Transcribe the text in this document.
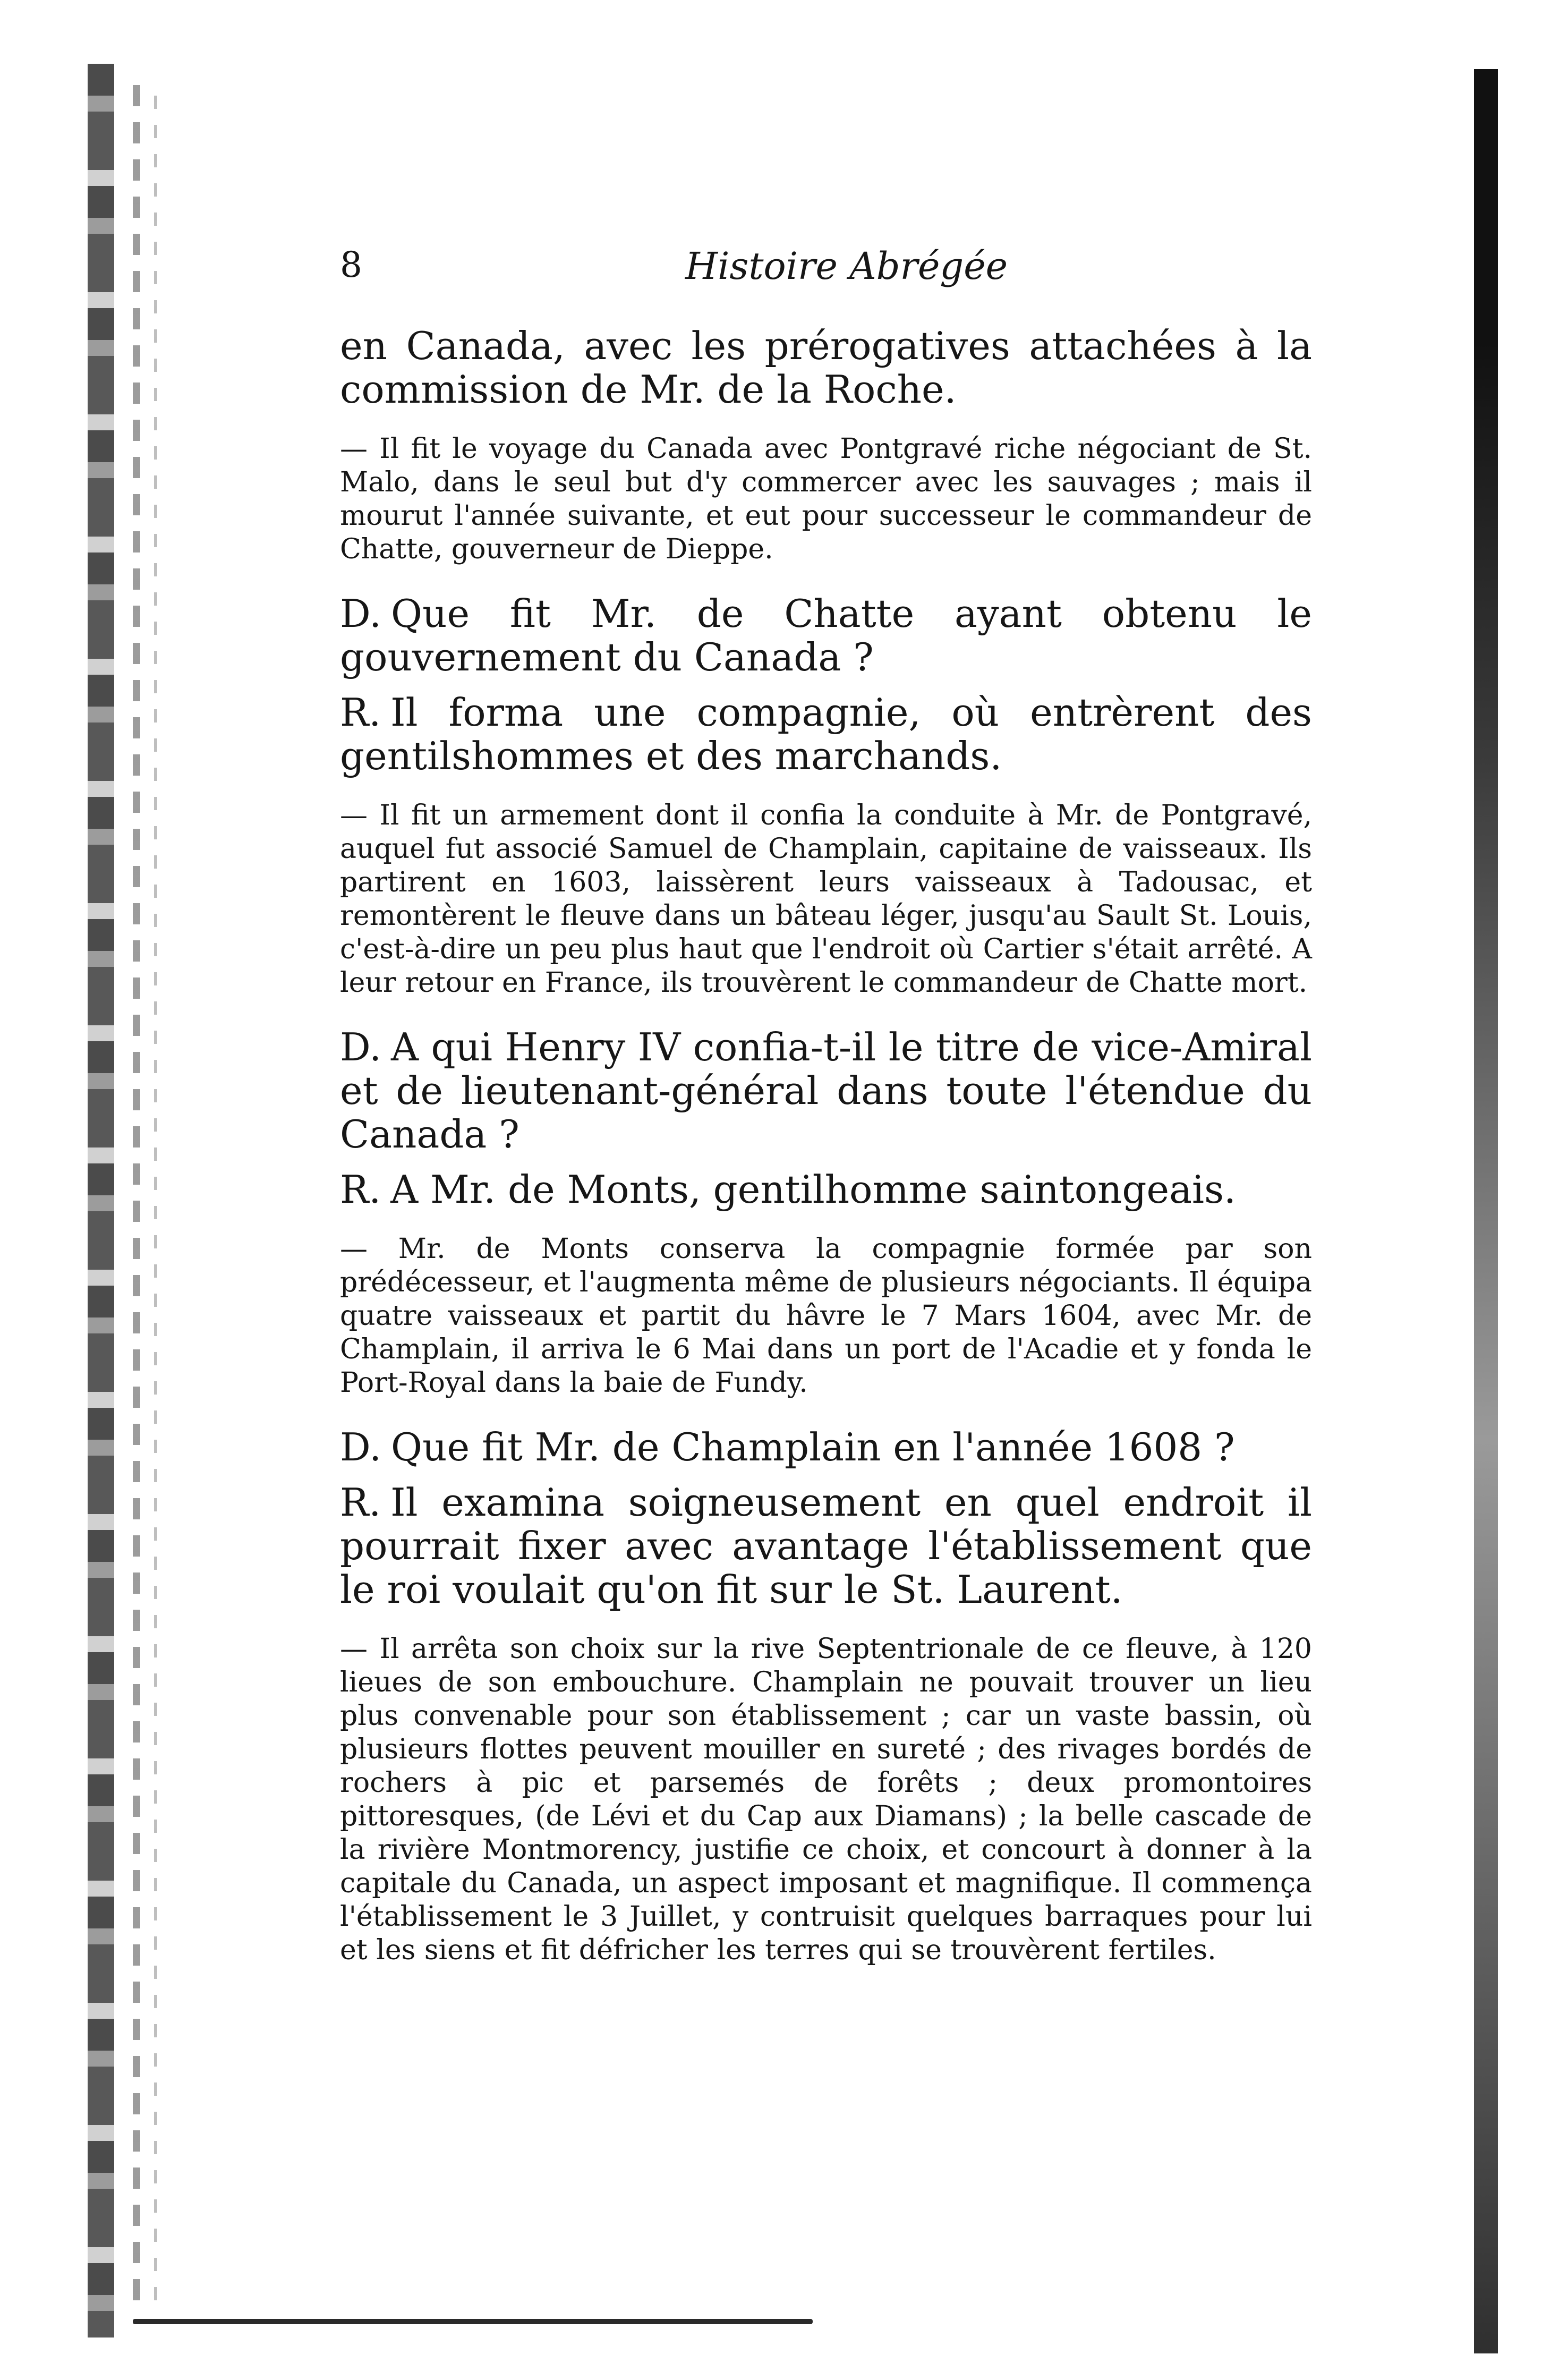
8	Histoire Abrégée

en Canada, avec les prérogatives attachées à la commission de Mr. de la Roche.

— Il fit le voyage du Canada avec Pontgravé riche négociant de St. Malo, dans le seul but d'y commercer avec les sauvages ; mais il mourut l'année suivante, et eut pour successeur le commandeur de Chatte, gouverneur de Dieppe.

D. Que fit Mr. de Chatte ayant obtenu le gouvernement du Canada ?

R. Il forma une compagnie, où entrèrent des gentilshommes et des marchands.

— Il fit un armement dont il confia la conduite à Mr. de Pontgravé, auquel fut associé Samuel de Champlain, capitaine de vaisseaux. Ils partirent en 1603, laissèrent leurs vaisseaux à Tadousac, et remontèrent le fleuve dans un bâteau léger, jusqu'au Sault St. Louis, c'est-à-dire un peu plus haut que l'endroit où Cartier s'était arrêté. A leur retour en France, ils trouvèrent le commandeur de Chatte mort.

D. A qui Henry IV confia-t-il le titre de vice-Amiral et de lieutenant-général dans toute l'étendue du Canada ?

R. A Mr. de Monts, gentilhomme saintongeais.

— Mr. de Monts conserva la compagnie formée par son prédécesseur, et l'augmenta même de plusieurs négociants. Il équipa quatre vaisseaux et partit du hâvre le 7 Mars 1604, avec Mr. de Champlain, il arriva le 6 Mai dans un port de l'Acadie et y fonda le Port-Royal dans la baie de Fundy.

D. Que fit Mr. de Champlain en l'année 1608 ?

R. Il examina soigneusement en quel endroit il pourrait fixer avec avantage l'établissement que le roi voulait qu'on fit sur le St. Laurent.

— Il arrêta son choix sur la rive Septentrionale de ce fleuve, à 120 lieues de son embouchure. Champlain ne pouvait trouver un lieu plus convenable pour son établissement ; car un vaste bassin, où plusieurs flottes peuvent mouiller en sureté ; des rivages bordés de rochers à pic et parsemés de forêts ; deux promontoires pittoresques, (de Lévi et du Cap aux Diamans) ; la belle cascade de la rivière Montmorency, justifie ce choix, et concourt à donner à la capitale du Canada, un aspect imposant et magnifique. Il commença l'établissement le 3 Juillet, y contruisit quelques barraques pour lui et les siens et fit défricher les terres qui se trouvèrent fertiles.
